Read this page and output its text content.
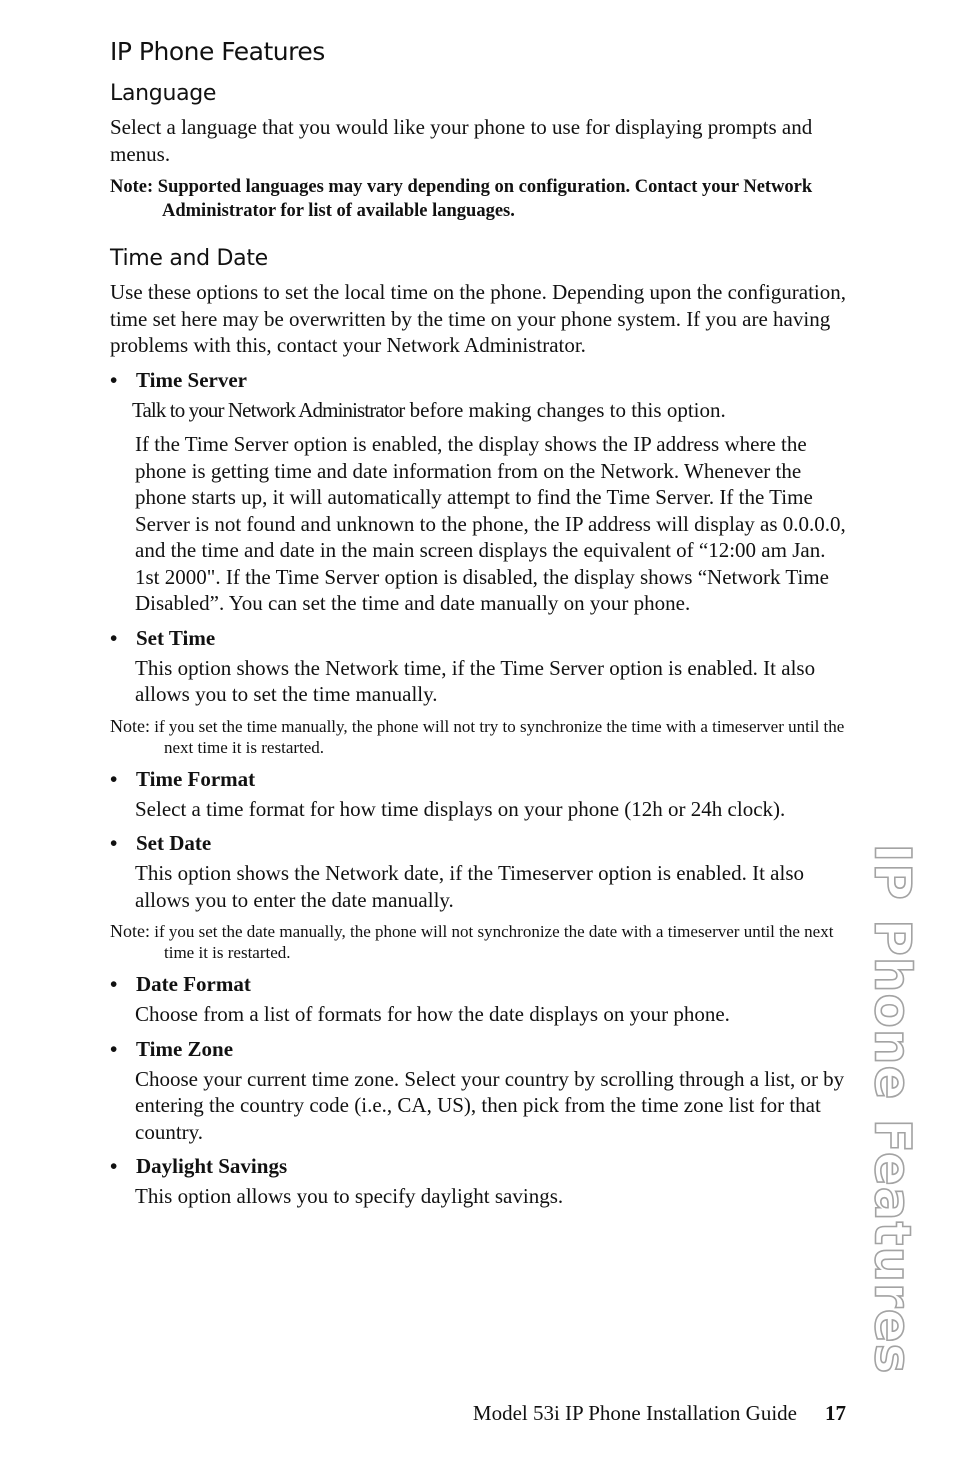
IP Phone Features
Language

Select a language that you would like your phone to use for displaying prompts and menus.

Note: Supported languages may vary depending on configuration. Contact your Network Administrator for list of available languages.

Time and Date

Use these options to set the local time on the phone. Depending upon the configuration, time set here may be overwritten by the time on your phone system. If you are having problems with this, contact your Network Administrator.

• Time Server

Talk to your Network Administrator before making changes to this option.

If the Time Server option is enabled, the display shows the IP address where the phone is getting time and date information from on the Network. Whenever the phone starts up, it will automatically attempt to find the Time Server. If the Time Server is not found and unknown to the phone, the IP address will display as 0.0.0.0, and the time and date in the main screen displays the equivalent of “12:00 am Jan. 1st 2000". If the Time Server option is disabled, the display shows “Network Time Disabled”. You can set the time and date manually on your phone.

• Set Time

This option shows the Network time, if the Time Server option is enabled. It also allows you to set the time manually.

Note: if you set the time manually, the phone will not try to synchronize the time with a timeserver until the next time it is restarted.

• Time Format

Select a time format for how time displays on your phone (12h or 24h clock).

• Set Date

This option shows the Network date, if the Timeserver option is enabled. It also allows you to enter the date manually.

Note: if you set the date manually, the phone will not synchronize the date with a timeserver until the next time it is restarted.

• Date Format

Choose from a list of formats for how the date displays on your phone.

• Time Zone

Choose your current time zone. Select your country by scrolling through a list, or by entering the country code (i.e., CA, US), then pick from the time zone list for that country.

• Daylight Savings

This option allows you to specify daylight savings.	IP Phone Features
Model 53i IP Phone Installation Guide 17
